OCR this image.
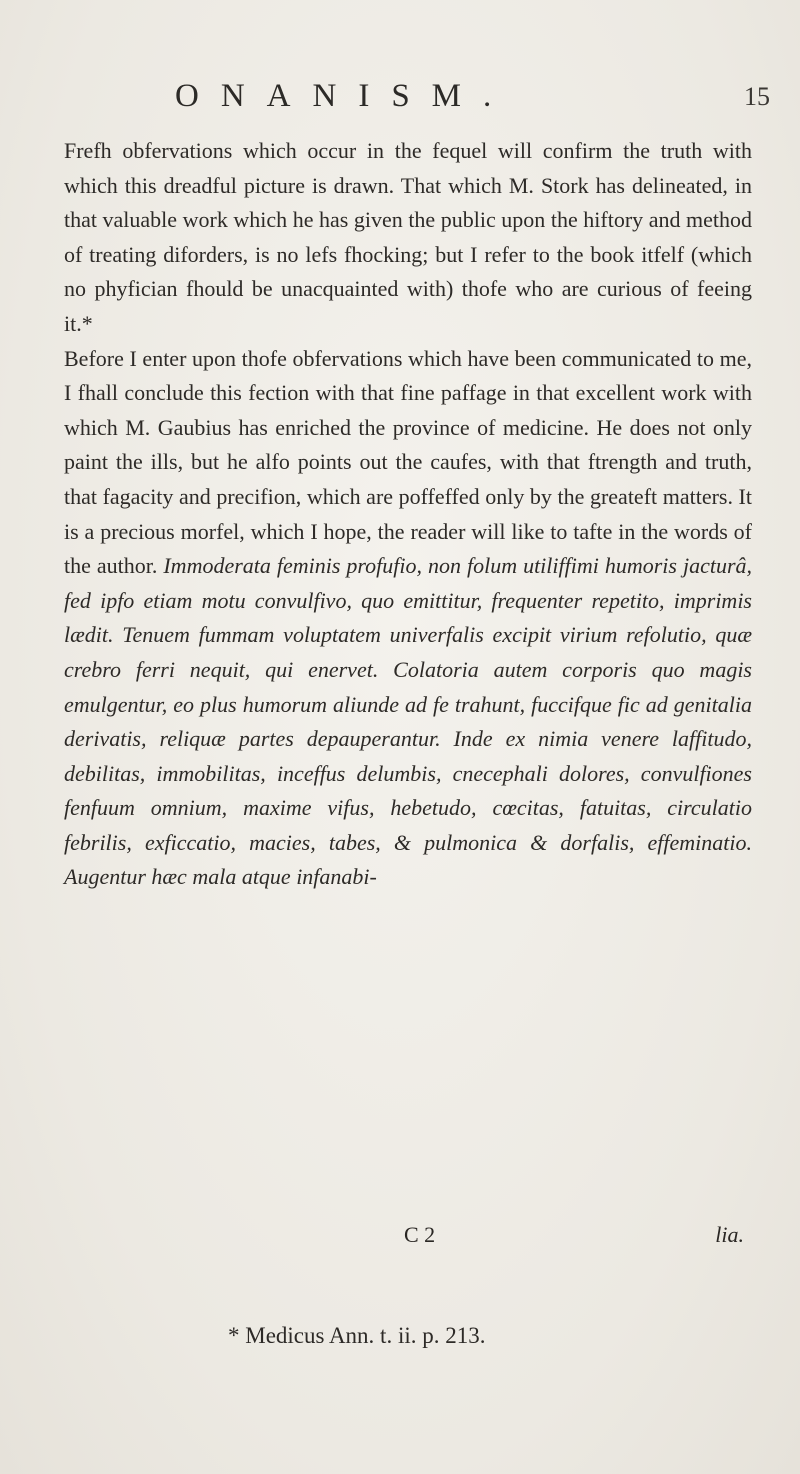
ONANISM.	15

Frefh obfervations which occur in the fequel will confirm the truth with which this dreadful picture is drawn. That which M. Stork has delineated, in that valuable work which he has given the public upon the hiftory and method of treating diforders, is no lefs fhocking; but I refer to the book itfelf (which no phyfician fhould be unacquainted with) thofe who are curious of feeing it.*

Before I enter upon thofe obfervations which have been communicated to me, I fhall conclude this fection with that fine paffage in that excellent work with which M. Gaubius has enriched the province of medicine. He does not only paint the ills, but he alfo points out the caufes, with that ftrength and truth, that fagacity and precifion, which are poffeffed only by the greateft matters. It is a precious morfel, which I hope, the reader will like to tafte in the words of the author. Immoderata feminis profufio, non folum utiliffimi humoris jacturâ, fed ipfo etiam motu convulfivo, quo emittitur, frequenter repetito, imprimis lædit. Tenuem fummam voluptatem univerfalis excipit virium refolutio, quæ crebro ferri nequit, qui enervet. Colatoria autem corporis quo magis emulgentur, eo plus humorum aliunde ad fe trahunt, fuccifque fic ad genitalia derivatis, reliquæ partes depauperantur. Inde ex nimia venere laffitudo, debilitas, immobilitas, inceffus delumbis, cnecephali dolores, convulfiones fenfuum omnium, maxime vifus, hebetudo, cœcitas, fatuitas, circulatio febrilis, exficcatio, macies, tabes, & pulmonica & dorfalis, effeminatio. Augentur hæc mala atque infanabi-

C 2	lia.
* Medicus Ann. t. ii. p. 213.
